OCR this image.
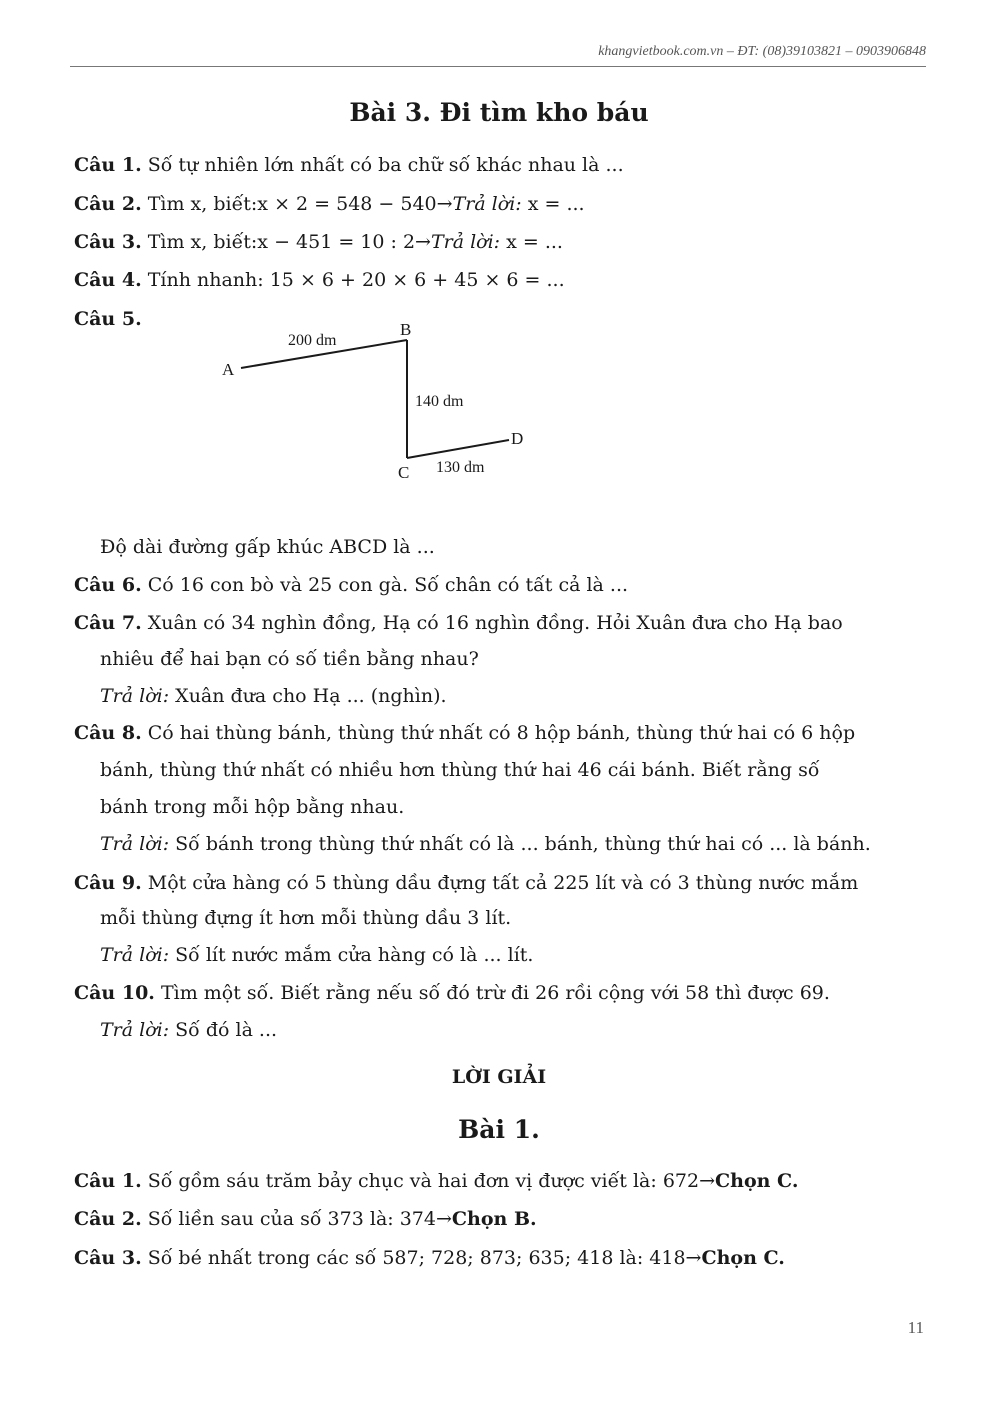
khangvietbook.com.vn – ĐT: (08)39103821 – 0903906848
Bài 3. Đi tìm kho báu
Câu 1. Số tự nhiên lớn nhất có ba chữ số khác nhau là ...
Câu 2. Tìm x, biết:x × 2 = 548 − 540→Trả lời: x = ...
Câu 3. Tìm x, biết:x − 451 = 10 : 2→Trả lời: x = ...
Câu 4. Tính nhanh: 15 × 6 + 20 × 6 + 45 × 6 = ...
Câu 5.
A
B
C
D
200 dm
140 dm
130 dm
Độ dài đường gấp khúc ABCD là ...
Câu 6. Có 16 con bò và 25 con gà. Số chân có tất cả là ...
Câu 7. Xuân có 34 nghìn đồng, Hạ có 16 nghìn đồng. Hỏi Xuân đưa cho Hạ bao
nhiêu để hai bạn có số tiền bằng nhau?
Trả lời: Xuân đưa cho Hạ ... (nghìn).
Câu 8. Có hai thùng bánh, thùng thứ nhất có 8 hộp bánh, thùng thứ hai có 6 hộp
bánh, thùng thứ nhất có nhiều hơn thùng thứ hai 46 cái bánh. Biết rằng số
bánh trong mỗi hộp bằng nhau.
Trả lời: Số bánh trong thùng thứ nhất có là ... bánh, thùng thứ hai có ... là bánh.
Câu 9. Một cửa hàng có 5 thùng dầu đựng tất cả 225 lít và có 3 thùng nước mắm
mỗi thùng đựng ít hơn mỗi thùng dầu 3 lít.
Trả lời: Số lít nước mắm cửa hàng có là ... lít.
Câu 10. Tìm một số. Biết rằng nếu số đó trừ đi 26 rồi cộng với 58 thì được 69.
Trả lời: Số đó là ...
LỜI GIẢI
Bài 1.
Câu 1. Số gồm sáu trăm bảy chục và hai đơn vị được viết là: 672→Chọn C.
Câu 2. Số liền sau của số 373 là: 374→Chọn B.
Câu 3. Số bé nhất trong các số 587; 728; 873; 635; 418 là: 418→Chọn C.
11
